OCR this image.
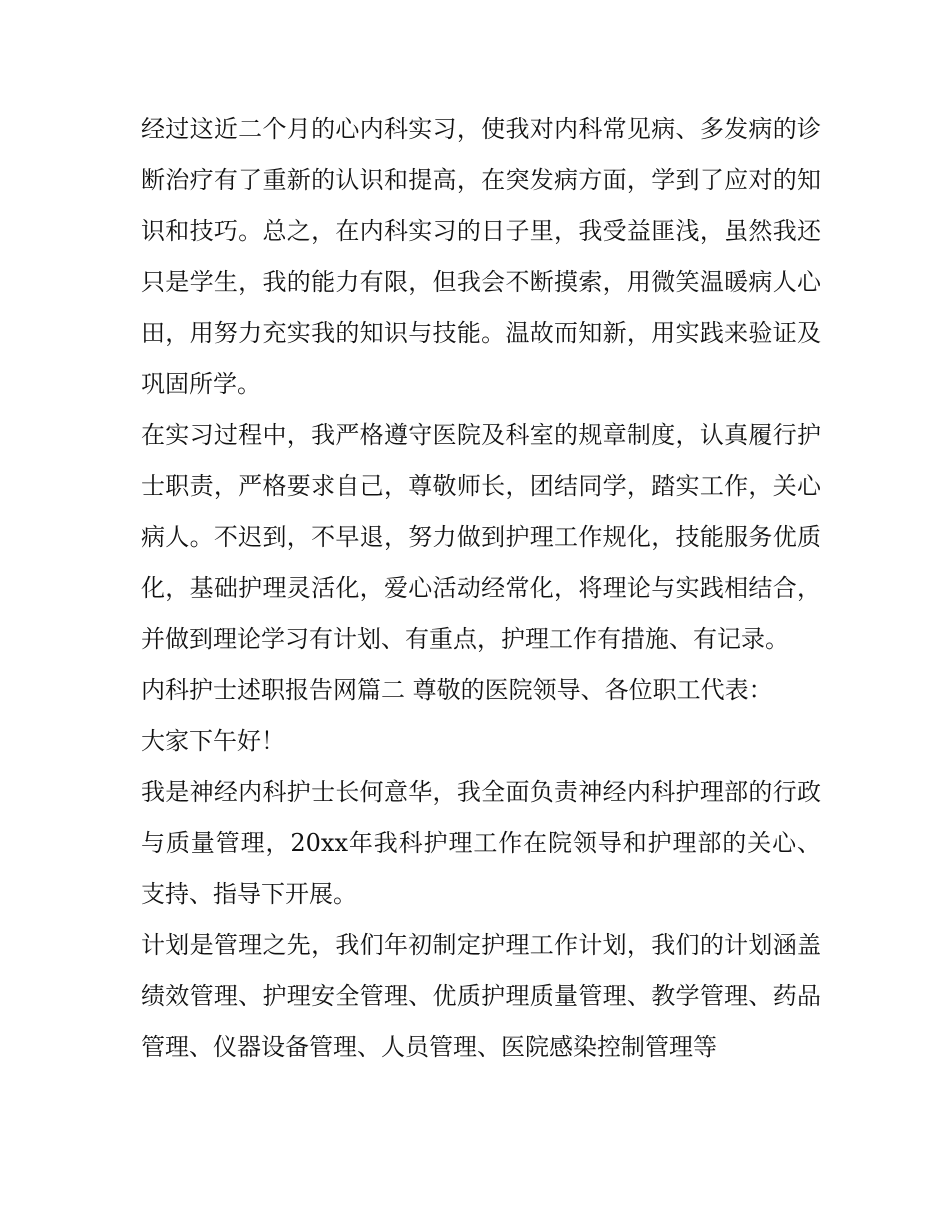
经过这近二个月的心内科实习，使我对内科常见病、多发病的诊断治疗有了重新的认识和提高，在突发病方面，学到了应对的知识和技巧。总之，在内科实习的日子里，我受益匪浅，虽然我还只是学生，我的能力有限，但我会不断摸索，用微笑温暖病人心田，用努力充实我的知识与技能。温故而知新，用实践来验证及巩固所学。

在实习过程中，我严格遵守医院及科室的规章制度，认真履行护士职责，严格要求自己，尊敬师长，团结同学，踏实工作，关心病人。不迟到，不早退，努力做到护理工作规化，技能服务优质化，基础护理灵活化，爱心活动经常化，将理论与实践相结合，并做到理论学习有计划、有重点，护理工作有措施、有记录。

内科护士述职报告网篇二 尊敬的医院领导、各位职工代表：

大家下午好！

我是神经内科护士长何意华，我全面负责神经内科护理部的行政与质量管理，20xx年我科护理工作在院领导和护理部的关心、支持、指导下开展。

计划是管理之先，我们年初制定护理工作计划，我们的计划涵盖绩效管理、护理安全管理、优质护理质量管理、教学管理、药品管理、仪器设备管理、人员管理、医院感染控制管理等
